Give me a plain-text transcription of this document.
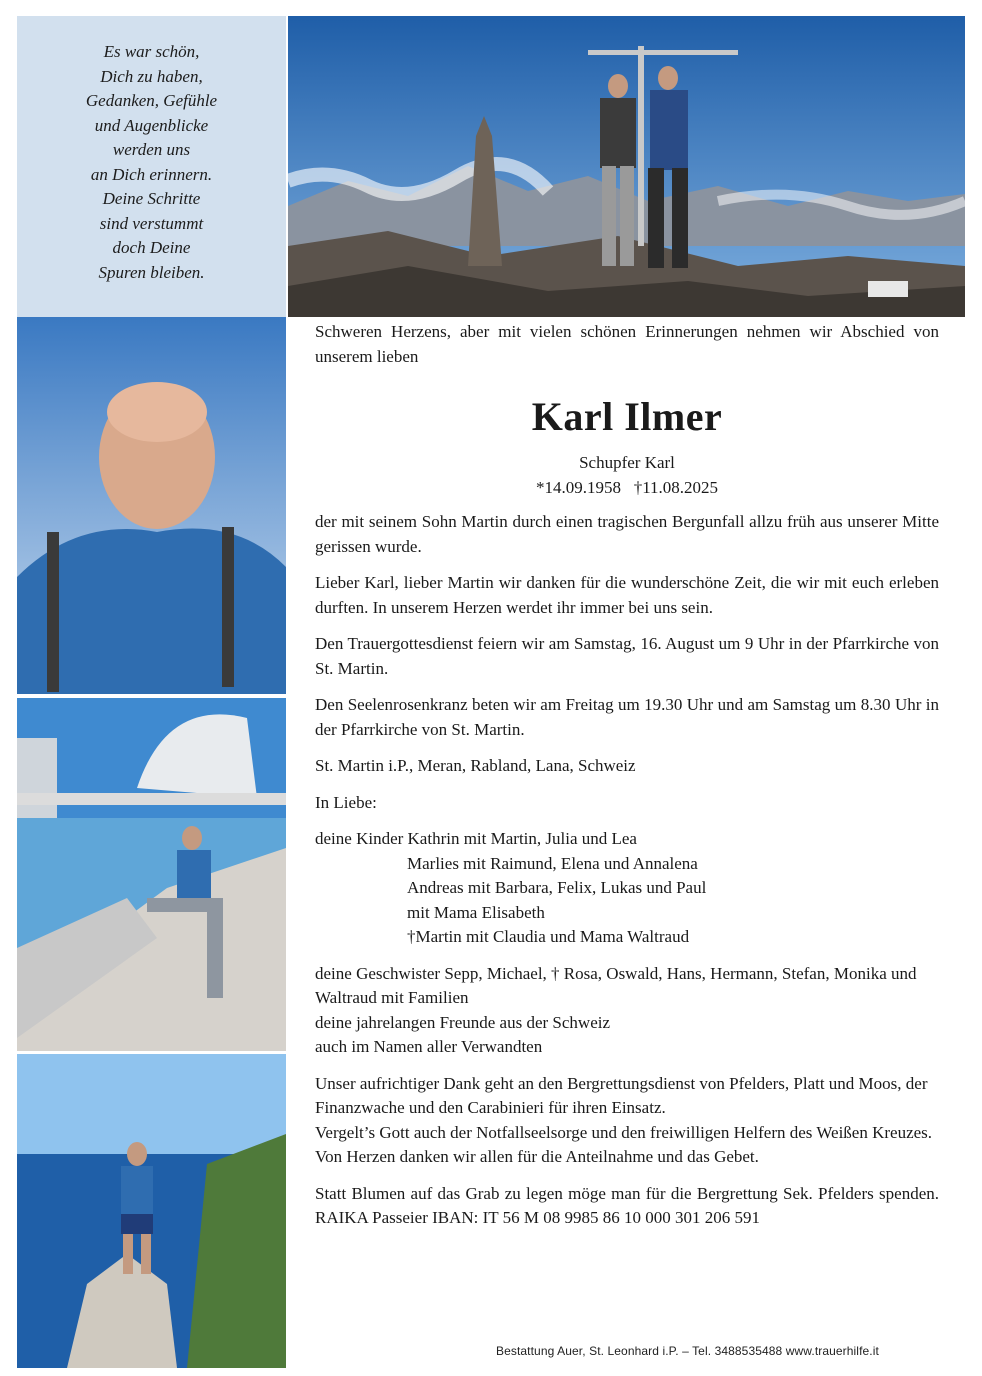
Es war schön,
Dich zu haben,
Gedanken, Gefühle
und Augenblicke
werden uns
an Dich erinnern.
Deine Schritte
sind verstummt
doch Deine
Spuren bleiben.

Schweren Herzens, aber mit vielen schönen Erinnerungen nehmen wir Abschied von unserem lieben

Karl Ilmer

Schupfer Karl

*14.09.1958   †11.08.2025

der mit seinem Sohn Martin durch einen tragischen Bergunfall allzu früh aus unserer Mitte gerissen wurde.

Lieber Karl, lieber Martin wir danken für die wunderschöne Zeit, die wir mit euch erleben durften. In unserem Herzen werdet ihr immer bei uns sein.

Den Trauergottesdienst feiern wir am Samstag, 16. August um 9 Uhr in der Pfarrkirche von St. Martin.

Den Seelenrosenkranz beten wir am Freitag um 19.30 Uhr und am Samstag um 8.30 Uhr in der Pfarrkirche von St. Martin.

St. Martin i.P., Meran, Rabland, Lana, Schweiz

In Liebe:

deine Kinder Kathrin mit Martin, Julia und Lea
Marlies mit Raimund, Elena und Annalena
Andreas mit Barbara, Felix, Lukas und Paul
mit Mama Elisabeth
†Martin mit Claudia und Mama Waltraud
deine Geschwister Sepp, Michael, † Rosa, Oswald, Hans, Hermann, Stefan, Monika und Waltraud mit Familien
deine jahrelangen Freunde aus der Schweiz
auch im Namen aller Verwandten
Unser aufrichtiger Dank geht an den Bergrettungsdienst von Pfelders, Platt und Moos, der Finanzwache und den Carabinieri für ihren Einsatz.
Vergelt’s Gott auch der Notfallseelsorge und den freiwilligen Helfern des Weißen Kreuzes.
Von Herzen danken wir allen für die Anteilnahme und das Gebet.

Statt Blumen auf das Grab zu legen möge man für die Bergrettung Sek. Pfelders spenden. RAIKA Passeier IBAN: IT 56 M 08 9985 86 10 000 301 206 591

Bestattung Auer, St. Leonhard i.P. – Tel. 3488535488 www.trauerhilfe.it
